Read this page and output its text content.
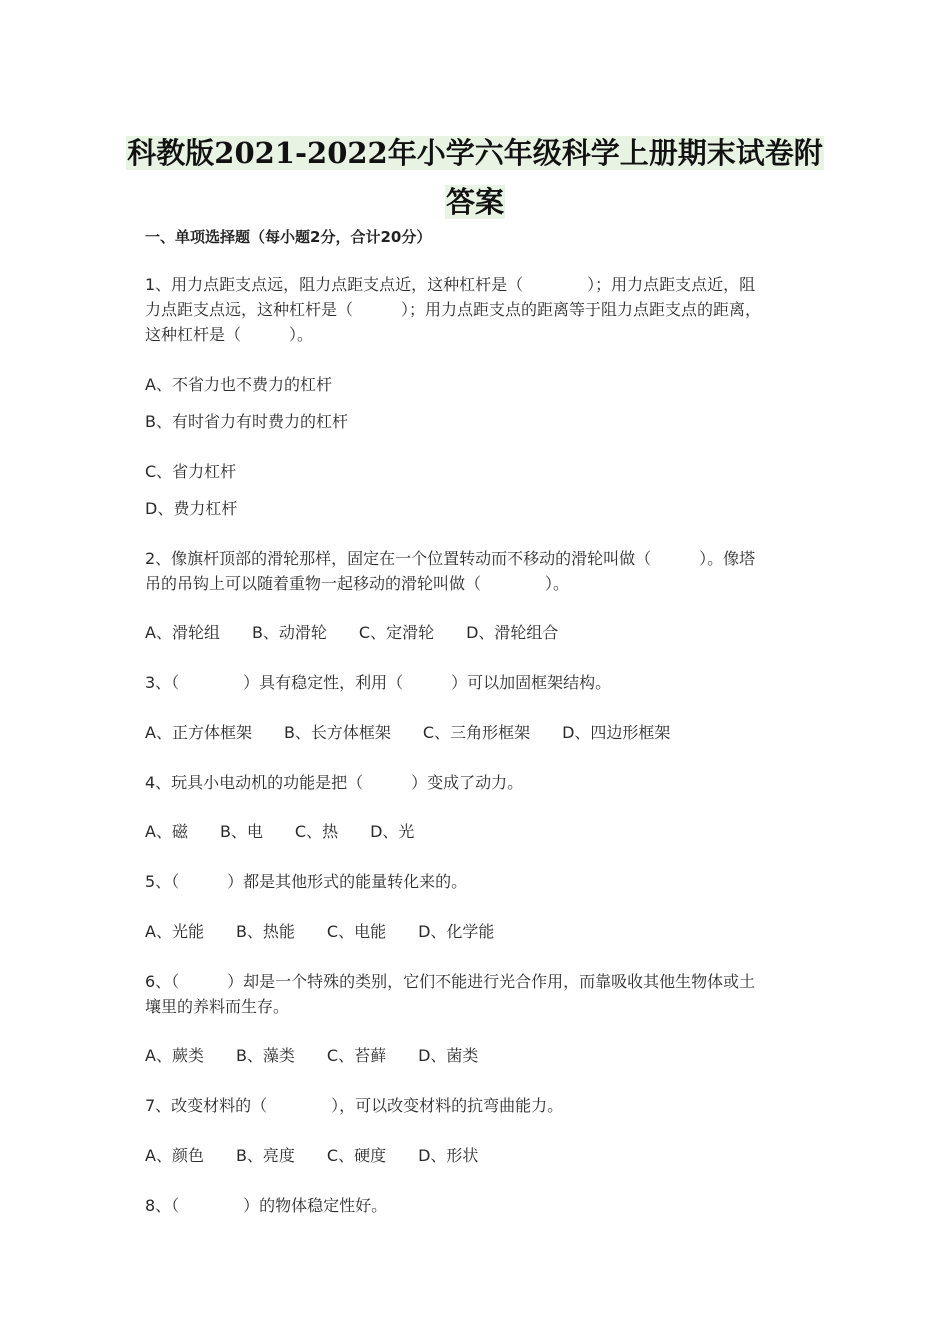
科教版2021-2022年小学六年级科学上册期末试卷附
答案
一、单项选择题（每小题2分，合计20分）
1、用力点距支点远，阻力点距支点近，这种杠杆是（　　　　）；用力点距支点近，阻
力点距支点远，这种杠杆是（　　　）；用力点距支点的距离等于阻力点距支点的距离，
这种杠杆是（　　　）。
A、不省力也不费力的杠杆
B、有时省力有时费力的杠杆
C、省力杠杆
D、费力杠杆
2、像旗杆顶部的滑轮那样，固定在一个位置转动而不移动的滑轮叫做（　　　）。像塔
吊的吊钩上可以随着重物一起移动的滑轮叫做（　　　　）。
A、滑轮组　　B、动滑轮　　C、定滑轮　　D、滑轮组合
3、（　　　　）具有稳定性，利用（　　　）可以加固框架结构。
A、正方体框架　　B、长方体框架　　C、三角形框架　　D、四边形框架
4、玩具小电动机的功能是把（　　　）变成了动力。
A、磁　　B、电　　C、热　　D、光
5、（　　　）都是其他形式的能量转化来的。
A、光能　　B、热能　　C、电能　　D、化学能
6、（　　　）却是一个特殊的类别，它们不能进行光合作用，而靠吸收其他生物体或土
壤里的养料而生存。
A、蕨类　　B、藻类　　C、苔藓　　D、菌类
7、改变材料的（　　　　），可以改变材料的抗弯曲能力。
A、颜色　　B、亮度　　C、硬度　　D、形状
8、（　　　　）的物体稳定性好。
